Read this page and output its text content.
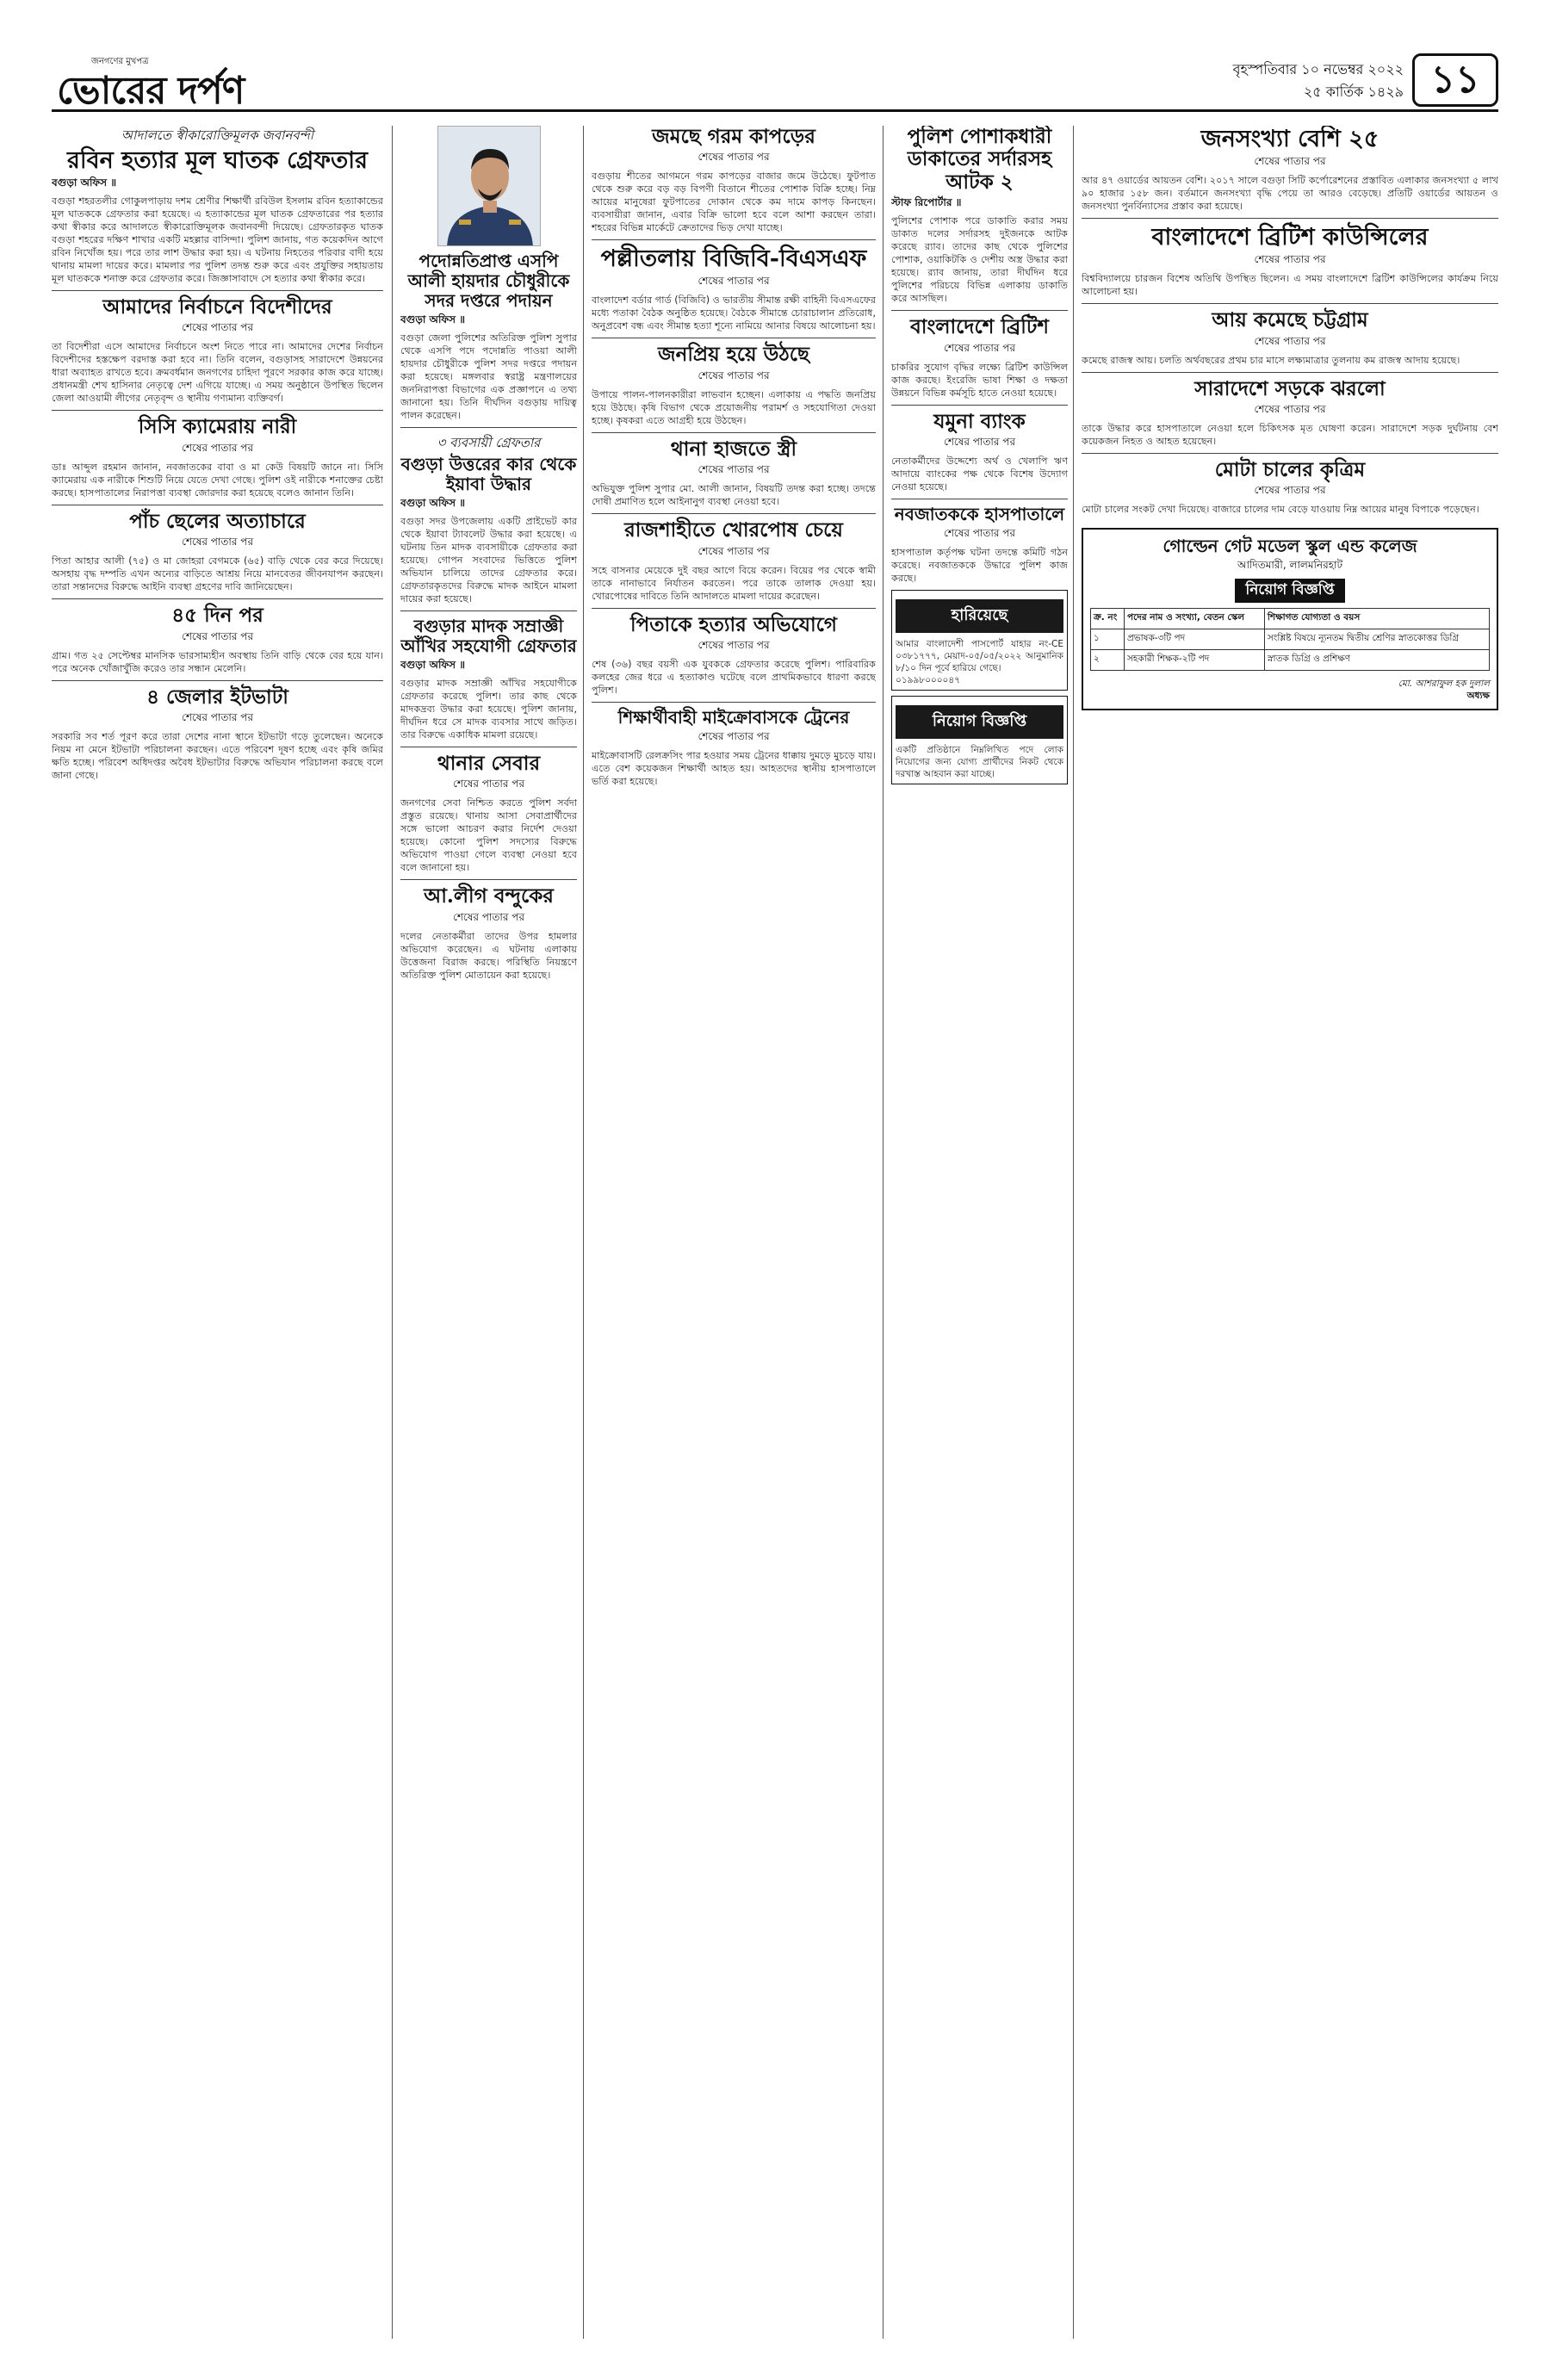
জনগণের মুখপত্র
ভোরের দর্পণ	বৃহস্পতিবার ১০ নভেম্বর ২০২২
২৫ কার্তিক ১৪২৯ ১১
আদালতে স্বীকারোক্তিমূলক জবানবন্দী
রবিন হত্যার মূল ঘাতক গ্রেফতার
বগুড়া অফিস ॥
বগুড়া শহরতলীর গোকুলপাড়ায় দশম শ্রেণীর শিক্ষার্থী রবিউল ইসলাম রবিন হত্যাকান্ডের মূল ঘাতককে গ্রেফতার করা হয়েছে। এ হত্যাকান্ডের মূল ঘাতক গ্রেফতারের পর হত্যার কথা স্বীকার করে আদালতে স্বীকারোক্তিমূলক জবানবন্দী দিয়েছে। গ্রেফতারকৃত ঘাতক বগুড়া শহরের দক্ষিণ শাখার একটি মহল্লার বাসিন্দা। পুলিশ জানায়, গত কয়েকদিন আগে রবিন নিখোঁজ হয়। পরে তার লাশ উদ্ধার করা হয়। এ ঘটনায় নিহতের পরিবার বাদী হয়ে থানায় মামলা দায়ের করে। মামলার পর পুলিশ তদন্ত শুরু করে এবং প্রযুক্তির সহায়তায় মূল ঘাতককে শনাক্ত করে গ্রেফতার করে। জিজ্ঞাসাবাদে সে হত্যার কথা স্বীকার করে।
আমাদের নির্বাচনে বিদেশীদের
শেষের পাতার পর
তা বিদেশীরা এসে আমাদের নির্বাচনে অংশ নিতে পারে না। আমাদের দেশের নির্বাচন বিদেশীদের হস্তক্ষেপ বরদাস্ত করা হবে না। তিনি বলেন, বগুড়াসহ সারাদেশে উন্নয়নের ধারা অব্যাহত রাখতে হবে। ক্রমবর্ধমান জনগণের চাহিদা পূরণে সরকার কাজ করে যাচ্ছে। প্রধানমন্ত্রী শেখ হাসিনার নেতৃত্বে দেশ এগিয়ে যাচ্ছে। এ সময় অনুষ্ঠানে উপস্থিত ছিলেন জেলা আওয়ামী লীগের নেতৃবৃন্দ ও স্থানীয় গণ্যমান্য ব্যক্তিবর্গ।
সিসি ক্যামেরায় নারী
শেষের পাতার পর
ডাঃ আব্দুল রহমান জানান, নবজাতকের বাবা ও মা কেউ বিষয়টি জানে না। সিসি ক্যামেরায় এক নারীকে শিশুটি নিয়ে যেতে দেখা গেছে। পুলিশ ওই নারীকে শনাক্তের চেষ্টা করছে। হাসপাতালের নিরাপত্তা ব্যবস্থা জোরদার করা হয়েছে বলেও জানান তিনি।
পাঁচ ছেলের অত্যাচারে
শেষের পাতার পর
পিতা আহার আলী (৭৫) ও মা জোহরা বেগমকে (৬৫) বাড়ি থেকে বের করে দিয়েছে। অসহায় বৃদ্ধ দম্পতি এখন অন্যের বাড়িতে আশ্রয় নিয়ে মানবেতর জীবনযাপন করছেন। তারা সন্তানদের বিরুদ্ধে আইনি ব্যবস্থা গ্রহণের দাবি জানিয়েছেন।
৪৫ দিন পর
শেষের পাতার পর
গ্রাম। গত ২৫ সেপ্টেম্বর মানসিক ভারসাম্যহীন অবস্থায় তিনি বাড়ি থেকে বের হয়ে যান। পরে অনেক খোঁজাখুঁজি করেও তার সন্ধান মেলেনি।
৪ জেলার ইটভাটা
শেষের পাতার পর
সরকারি সব শর্ত পূরণ করে তারা দেশের নানা স্থানে ইটভাটা গড়ে তুলেছেন। অনেকে নিয়ম না মেনে ইটভাটা পরিচালনা করছেন। এতে পরিবেশ দূষণ হচ্ছে এবং কৃষি জমির ক্ষতি হচ্ছে। পরিবেশ অধিদপ্তর অবৈধ ইটভাটার বিরুদ্ধে অভিযান পরিচালনা করছে বলে জানা গেছে।
পদোন্নতিপ্রাপ্ত এসপি
আলী হায়দার চৌধুরীকে
সদর দপ্তরে পদায়ন
বগুড়া অফিস ॥
বগুড়া জেলা পুলিশের অতিরিক্ত পুলিশ সুপার থেকে এসপি পদে পদোন্নতি পাওয়া আলী হায়দার চৌধুরীকে পুলিশ সদর দপ্তরে পদায়ন করা হয়েছে। মঙ্গলবার স্বরাষ্ট্র মন্ত্রণালয়ের জননিরাপত্তা বিভাগের এক প্রজ্ঞাপনে এ তথ্য জানানো হয়। তিনি দীর্ঘদিন বগুড়ায় দায়িত্ব পালন করেছেন।
৩ ব্যবসায়ী গ্রেফতার
বগুড়া উত্তরের কার থেকে ইয়াবা উদ্ধার
বগুড়া অফিস ॥
বগুড়া সদর উপজেলায় একটি প্রাইভেট কার থেকে ইয়াবা ট্যাবলেট উদ্ধার করা হয়েছে। এ ঘটনায় তিন মাদক ব্যবসায়ীকে গ্রেফতার করা হয়েছে। গোপন সংবাদের ভিত্তিতে পুলিশ অভিযান চালিয়ে তাদের গ্রেফতার করে। গ্রেফতারকৃতদের বিরুদ্ধে মাদক আইনে মামলা দায়ের করা হয়েছে।
বগুড়ার মাদক সম্রাজ্ঞী আঁখির সহযোগী গ্রেফতার
বগুড়া অফিস ॥
বগুড়ার মাদক সম্রাজ্ঞী আঁখির সহযোগীকে গ্রেফতার করেছে পুলিশ। তার কাছ থেকে মাদকদ্রব্য উদ্ধার করা হয়েছে। পুলিশ জানায়, দীর্ঘদিন ধরে সে মাদক ব্যবসার সাথে জড়িত। তার বিরুদ্ধে একাধিক মামলা রয়েছে।
থানার সেবার
শেষের পাতার পর
জনগণের সেবা নিশ্চিত করতে পুলিশ সর্বদা প্রস্তুত রয়েছে। থানায় আসা সেবাপ্রার্থীদের সঙ্গে ভালো আচরণ করার নির্দেশ দেওয়া হয়েছে। কোনো পুলিশ সদস্যের বিরুদ্ধে অভিযোগ পাওয়া গেলে ব্যবস্থা নেওয়া হবে বলে জানানো হয়।
আ.লীগ বন্দুকের
শেষের পাতার পর
দলের নেতাকর্মীরা তাদের উপর হামলার অভিযোগ করেছেন। এ ঘটনায় এলাকায় উত্তেজনা বিরাজ করছে। পরিস্থিতি নিয়ন্ত্রণে অতিরিক্ত পুলিশ মোতায়েন করা হয়েছে।
জমছে গরম কাপড়ের
শেষের পাতার পর
বগুড়ায় শীতের আগমনে গরম কাপড়ের বাজার জমে উঠেছে। ফুটপাত থেকে শুরু করে বড় বড় বিপণী বিতানে শীতের পোশাক বিক্রি হচ্ছে। নিম্ন আয়ের মানুষেরা ফুটপাতের দোকান থেকে কম দামে কাপড় কিনছেন। ব্যবসায়ীরা জানান, এবার বিক্রি ভালো হবে বলে আশা করছেন তারা। শহরের বিভিন্ন মার্কেটে ক্রেতাদের ভিড় দেখা যাচ্ছে।
পল্লীতলায় বিজিবি-বিএসএফ
শেষের পাতার পর
বাংলাদেশ বর্ডার গার্ড (বিজিবি) ও ভারতীয় সীমান্ত রক্ষী বাহিনী বিএসএফের মধ্যে পতাকা বৈঠক অনুষ্ঠিত হয়েছে। বৈঠকে সীমান্তে চোরাচালান প্রতিরোধ, অনুপ্রবেশ বন্ধ এবং সীমান্ত হত্যা শূন্যে নামিয়ে আনার বিষয়ে আলোচনা হয়।
জনপ্রিয় হয়ে উঠছে
শেষের পাতার পর
উপায়ে পালন-পালনকারীরা লাভবান হচ্ছেন। এলাকায় এ পদ্ধতি জনপ্রিয় হয়ে উঠছে। কৃষি বিভাগ থেকে প্রয়োজনীয় পরামর্শ ও সহযোগিতা দেওয়া হচ্ছে। কৃষকরা এতে আগ্রহী হয়ে উঠছেন।
থানা হাজতে স্ত্রী
শেষের পাতার পর
অভিযুক্ত পুলিশ সুপার মো. আলী জানান, বিষয়টি তদন্ত করা হচ্ছে। তদন্তে দোষী প্রমাণিত হলে আইনানুগ ব্যবস্থা নেওয়া হবে।
রাজশাহীতে খোরপোষ চেয়ে
শেষের পাতার পর
সহে বাসনার মেয়েকে দুই বছর আগে বিয়ে করেন। বিয়ের পর থেকে স্বামী তাকে নানাভাবে নির্যাতন করতেন। পরে তাকে তালাক দেওয়া হয়। খোরপোষের দাবিতে তিনি আদালতে মামলা দায়ের করেছেন।
পিতাকে হত্যার অভিযোগে
শেষের পাতার পর
শেষ (৩৬) বছর বয়সী এক যুবককে গ্রেফতার করেছে পুলিশ। পারিবারিক কলহের জের ধরে এ হত্যাকাণ্ড ঘটেছে বলে প্রাথমিকভাবে ধারণা করছে পুলিশ।
শিক্ষার্থীবাহী মাইক্রোবাসকে ট্রেনের
শেষের পাতার পর
মাইক্রোবাসটি রেলক্রসিং পার হওয়ার সময় ট্রেনের ধাক্কায় দুমড়ে মুচড়ে যায়। এতে বেশ কয়েকজন শিক্ষার্থী আহত হয়। আহতদের স্থানীয় হাসপাতালে ভর্তি করা হয়েছে।
পুলিশ পোশাকধারী ডাকাতের সর্দারসহ আটক ২
স্টাফ রিপোর্টার ॥
পুলিশের পোশাক পরে ডাকাতি করার সময় ডাকাত দলের সর্দারসহ দুইজনকে আটক করেছে র‍্যাব। তাদের কাছ থেকে পুলিশের পোশাক, ওয়াকিটকি ও দেশীয় অস্ত্র উদ্ধার করা হয়েছে। র‍্যাব জানায়, তারা দীর্ঘদিন ধরে পুলিশের পরিচয়ে বিভিন্ন এলাকায় ডাকাতি করে আসছিল।
বাংলাদেশে ব্রিটিশ
শেষের পাতার পর
চাকরির সুযোগ বৃদ্ধির লক্ষ্যে ব্রিটিশ কাউন্সিল কাজ করছে। ইংরেজি ভাষা শিক্ষা ও দক্ষতা উন্নয়নে বিভিন্ন কর্মসূচি হাতে নেওয়া হয়েছে।
যমুনা ব্যাংক
শেষের পাতার পর
নেতাকর্মীদের উদ্দেশ্যে অর্থ ও খেলাপি ঋণ আদায়ে ব্যাংকের পক্ষ থেকে বিশেষ উদ্যোগ নেওয়া হয়েছে।
নবজাতককে হাসপাতালে
শেষের পাতার পর
হাসপাতাল কর্তৃপক্ষ ঘটনা তদন্তে কমিটি গঠন করেছে। নবজাতককে উদ্ধারে পুলিশ কাজ করছে।
হারিয়েছে
আমার বাংলাদেশী পাসপোর্ট যাহার নং-CE ০৩৮১৭৭৭, মেয়াদ-০৫/০৫/২০২২ আনুমানিক ৮/১০ দিন পূর্বে হারিয়ে গেছে।
০১৯৯৮০০০০৪৭
নিয়োগ বিজ্ঞপ্তি
একটি প্রতিষ্ঠানে নিম্নলিখিত পদে লোক নিয়োগের জন্য যোগ্য প্রার্থীদের নিকট থেকে দরখাস্ত আহবান করা যাচ্ছে।
জনসংখ্যা বেশি ২৫
শেষের পাতার পর
আর ৪৭ ওয়ার্ডের আয়তন বেশি। ২০১৭ সালে বগুড়া সিটি কর্পোরেশনের প্রস্তাবিত এলাকার জনসংখ্যা ৫ লাখ ৯০ হাজার ১৫৮ জন। বর্তমানে জনসংখ্যা বৃদ্ধি পেয়ে তা আরও বেড়েছে। প্রতিটি ওয়ার্ডের আয়তন ও জনসংখ্যা পুনর্বিন্যাসের প্রস্তাব করা হয়েছে।
বাংলাদেশে ব্রিটিশ কাউন্সিলের
শেষের পাতার পর
বিশ্ববিদ্যালয়ে চারজন বিশেষ অতিথি উপস্থিত ছিলেন। এ সময় বাংলাদেশে ব্রিটিশ কাউন্সিলের কার্যক্রম নিয়ে আলোচনা হয়।
আয় কমেছে চট্টগ্রাম
শেষের পাতার পর
কমেছে রাজস্ব আয়। চলতি অর্থবছরের প্রথম চার মাসে লক্ষ্যমাত্রার তুলনায় কম রাজস্ব আদায় হয়েছে।
সারাদেশে সড়কে ঝরলো
শেষের পাতার পর
তাকে উদ্ধার করে হাসপাতালে নেওয়া হলে চিকিৎসক মৃত ঘোষণা করেন। সারাদেশে সড়ক দুর্ঘটনায় বেশ কয়েকজন নিহত ও আহত হয়েছেন।
মোটা চালের কৃত্রিম
শেষের পাতার পর
মোটা চালের সংকট দেখা দিয়েছে। বাজারে চালের দাম বেড়ে যাওয়ায় নিম্ন আয়ের মানুষ বিপাকে পড়েছেন।
গোল্ডেন গেট মডেল স্কুল এন্ড কলেজ
আদিতমারী, লালমনিরহাট
নিয়োগ বিজ্ঞপ্তি
ক্র. নং	পদের নাম ও সংখ্যা, বেতন স্কেল	শিক্ষাগত যোগ্যতা ও বয়স
১	প্রভাষক-৩টি পদ	সংশ্লিষ্ট বিষয়ে ন্যূনতম দ্বিতীয় শ্রেণির স্নাতকোত্তর ডিগ্রি
২	সহকারী শিক্ষক-২টি পদ	স্নাতক ডিগ্রি ও প্রশিক্ষণ
মো. আশরাফুল হক দুলাল
অধ্যক্ষ
